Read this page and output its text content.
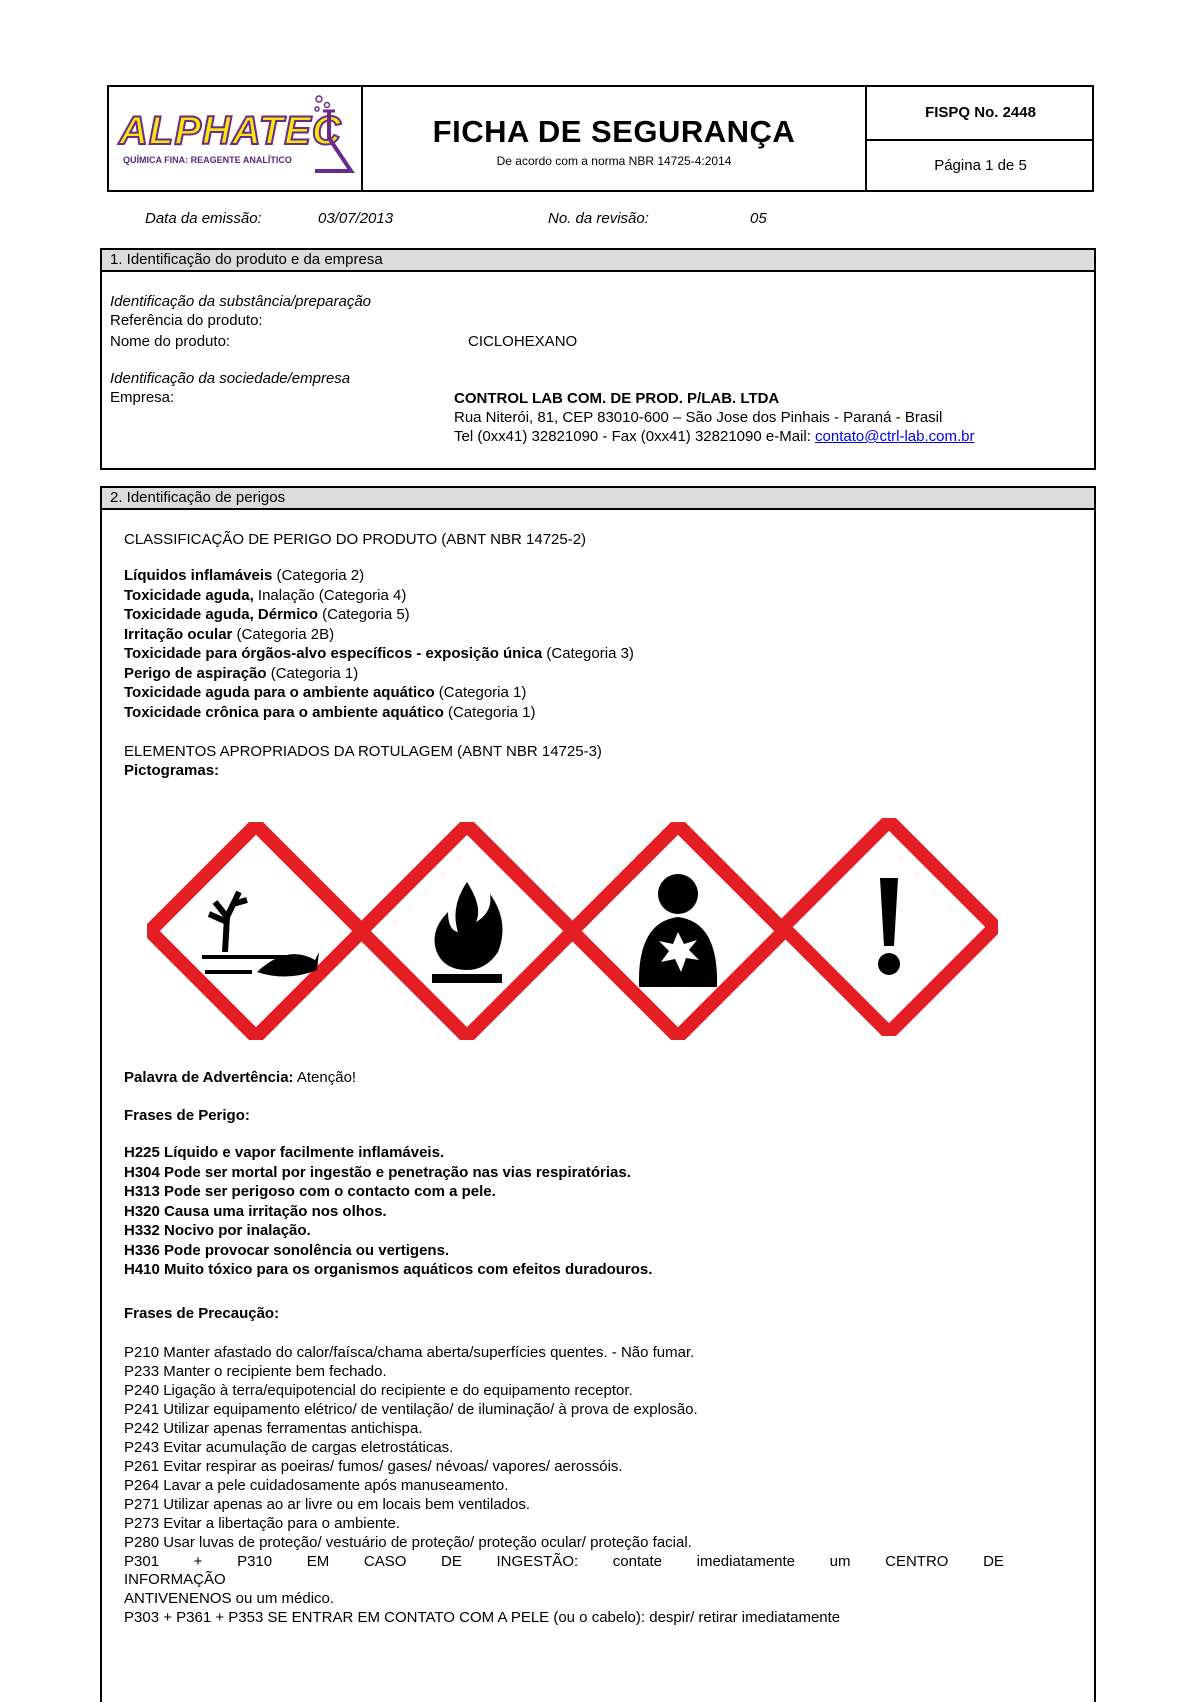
ALPHATEC
QUÍMICA FINA: REAGENTE ANALÍTICO
FICHA DE SEGURANÇA
De acordo com a norma NBR 14725-4:2014
FISPQ No. 2448
Página 1 de 5
Data da emissão:	03/07/2013	No. da revisão:	05
1. Identificação do produto e da empresa
Identificação da substância/preparação
Referência do produto:
Nome do produto:	CICLOHEXANO
Identificação da sociedade/empresa
Empresa:	CONTROL LAB COM. DE PROD. P/LAB. LTDA
Rua Niterói, 81, CEP 83010-600 – São Jose dos Pinhais - Paraná - Brasil
Tel (0xx41) 32821090 - Fax (0xx41) 32821090 e-Mail: contato@ctrl-lab.com.br
2. Identificação de perigos
CLASSIFICAÇÃO DE PERIGO DO PRODUTO (ABNT NBR 14725-2)
Líquidos inflamáveis (Categoria 2)
Toxicidade aguda, Inalação (Categoria 4)
Toxicidade aguda, Dérmico (Categoria 5)
Irritação ocular (Categoria 2B)
Toxicidade para órgãos-alvo específicos - exposição única (Categoria 3)
Perigo de aspiração (Categoria 1)
Toxicidade aguda para o ambiente aquático (Categoria 1)
Toxicidade crônica para o ambiente aquático (Categoria 1)
ELEMENTOS APROPRIADOS DA ROTULAGEM (ABNT NBR 14725-3)
Pictogramas:
Palavra de Advertência: Atenção!
Frases de Perigo:
H225 Líquido e vapor facilmente inflamáveis.
H304 Pode ser mortal por ingestão e penetração nas vias respiratórias.
H313 Pode ser perigoso com o contacto com a pele.
H320 Causa uma irritação nos olhos.
H332 Nocivo por inalação.
H336 Pode provocar sonolência ou vertigens.
H410 Muito tóxico para os organismos aquáticos com efeitos duradouros.
Frases de Precaução:
P210 Manter afastado do calor/faísca/chama aberta/superfícies quentes. - Não fumar.
P233 Manter o recipiente bem fechado.
P240 Ligação à terra/equipotencial do recipiente e do equipamento receptor.
P241 Utilizar equipamento elétrico/ de ventilação/ de iluminação/ à prova de explosão.
P242 Utilizar apenas ferramentas antichispa.
P243 Evitar acumulação de cargas eletrostáticas.
P261 Evitar respirar as poeiras/ fumos/ gases/ névoas/ vapores/ aerossóis.
P264 Lavar a pele cuidadosamente após manuseamento.
P271 Utilizar apenas ao ar livre ou em locais bem ventilados.
P273 Evitar a libertação para o ambiente.
P280 Usar luvas de proteção/ vestuário de proteção/ proteção ocular/ proteção facial.
P301 + P310 EM CASO DE INGESTÃO: contate imediatamente um CENTRO DE
INFORMAÇÃO
ANTIVENENOS ou um médico.
P303 + P361 + P353 SE ENTRAR EM CONTATO COM A PELE (ou o cabelo): despir/ retirar imediatamente
